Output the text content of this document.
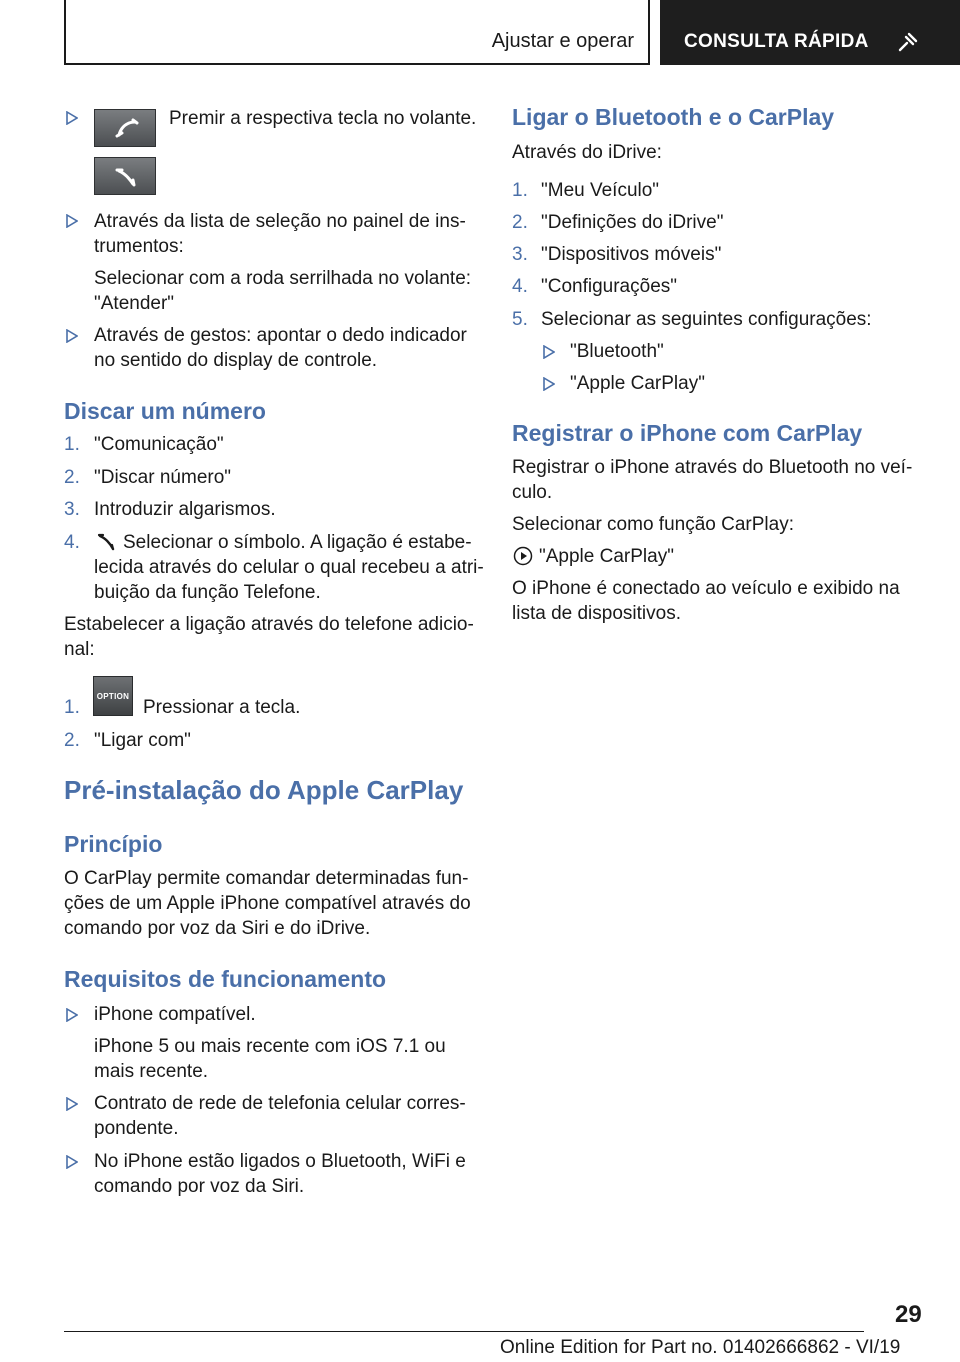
Ajustar e operar	CONSULTA RÁPIDA
Premir a respectiva tecla no volante.
Através da lista de seleção no painel de ins-
trumentos:
Selecionar com a roda serrilhada no volante:
"Atender"
Através de gestos: apontar o dedo indicador
no sentido do display de controle.
Discar um número
1. "Comunicação"
2. "Discar número"
3. Introduzir algarismos.
4. Selecionar o símbolo. A ligação é estabe-
lecida através do celular o qual recebeu a atri-
buição da função Telefone.
Estabelecer a ligação através do telefone adicio-
nal:
1.
OPTION
Pressionar a tecla.
2. "Ligar com"
Pré-instalação do Apple CarPlay
Princípio
O CarPlay permite comandar determinadas fun-
ções de um Apple iPhone compatível através do
comando por voz da Siri e do iDrive.
Requisitos de funcionamento
iPhone compatível.
iPhone 5 ou mais recente com iOS 7.1 ou
mais recente.
Contrato de rede de telefonia celular corres-
pondente.
No iPhone estão ligados o Bluetooth, WiFi e
comando por voz da Siri.
Ligar o Bluetooth e o CarPlay
Através do iDrive:
1. "Meu Veículo"
2. "Definições do iDrive"
3. "Dispositivos móveis"
4. "Configurações"
5. Selecionar as seguintes configurações:
"Bluetooth"
"Apple CarPlay"
Registrar o iPhone com CarPlay
Registrar o iPhone através do Bluetooth no veí-
culo.
Selecionar como função CarPlay:
"Apple CarPlay"
O iPhone é conectado ao veículo e exibido na
lista de dispositivos.
29
Online Edition for Part no. 01402666862 - VI/19
